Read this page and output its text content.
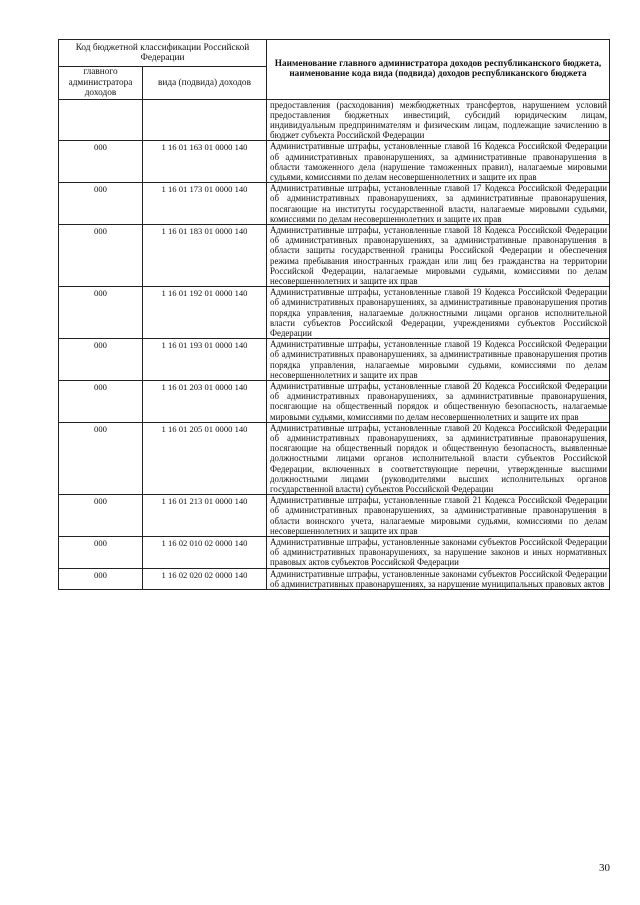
Код бюджетной классификации Российской Федерации		Наименование главного администратора доходов республиканского бюджета, наименование кода вида (подвида) доходов республиканского бюджета
главного администратора доходов	вида (подвида) доходов	
		предоставления (расходования) межбюджетных трансфертов, нарушением условий предоставления бюджетных инвестиций, субсидий юридическим лицам, индивидуальным предпринимателям и физическим лицам, подлежащие зачислению в бюджет субъекта Российской Федерации
000	1 16 01 163 01 0000 140	Административные штрафы, установленные главой 16 Кодекса Российской Федерации об административных правонарушениях, за административные правонарушения в области таможенного дела (нарушение таможенных правил), налагаемые мировыми судьями, комиссиями по делам несовершеннолетних и защите их прав
000	1 16 01 173 01 0000 140	Административные штрафы, установленные главой 17 Кодекса Российской Федерации об административных правонарушениях, за административные правонарушения, посягающие на институты государственной власти, налагаемые мировыми судьями, комиссиями по делам несовершеннолетних и защите их прав
000	1 16 01 183 01 0000 140	Административные штрафы, установленные главой 18 Кодекса Российской Федерации об административных правонарушениях, за административные правонарушения в области защиты государственной границы Российской Федерации и обеспечения режима пребывания иностранных граждан или лиц без гражданства на территории Российской Федерации, налагаемые мировыми судьями, комиссиями по делам несовершеннолетних и защите их прав
000	1 16 01 192 01 0000 140	Административные штрафы, установленные главой 19 Кодекса Российской Федерации об административных правонарушениях, за административные правонарушения против порядка управления, налагаемые должностными лицами органов исполнительной власти субъектов Российской Федерации, учреждениями субъектов Российской Федерации
000	1 16 01 193 01 0000 140	Административные штрафы, установленные главой 19 Кодекса Российской Федерации об административных правонарушениях, за административные правонарушения против порядка управления, налагаемые мировыми судьями, комиссиями по делам несовершеннолетних и защите их прав
000	1 16 01 203 01 0000 140	Административные штрафы, установленные главой 20 Кодекса Российской Федерации об административных правонарушениях, за административные правонарушения, посягающие на общественный порядок и общественную безопасность, налагаемые мировыми судьями, комиссиями по делам несовершеннолетних и защите их прав
000	1 16 01 205 01 0000 140	Административные штрафы, установленные главой 20 Кодекса Российской Федерации об административных правонарушениях, за административные правонарушения, посягающие на общественный порядок и общественную безопасность, выявленные должностными лицами органов исполнительной власти субъектов Российской Федерации, включенных в соответствующие перечни, утвержденные высшими должностными лицами (руководителями высших исполнительных органов государственной власти) субъектов Российской Федерации
000	1 16 01 213 01 0000 140	Административные штрафы, установленные главой 21 Кодекса Российской Федерации об административных правонарушениях, за административные правонарушения в области воинского учета, налагаемые мировыми судьями, комиссиями по делам несовершеннолетних и защите их прав
000	1 16 02 010 02 0000 140	Административные штрафы, установленные законами субъектов Российской Федерации об административных правонарушениях, за нарушение законов и иных нормативных правовых актов субъектов Российской Федерации
000	1 16 02 020 02 0000 140	Административные штрафы, установленные законами субъектов Российской Федерации об административных правонарушениях, за нарушение муниципальных правовых актов
30
